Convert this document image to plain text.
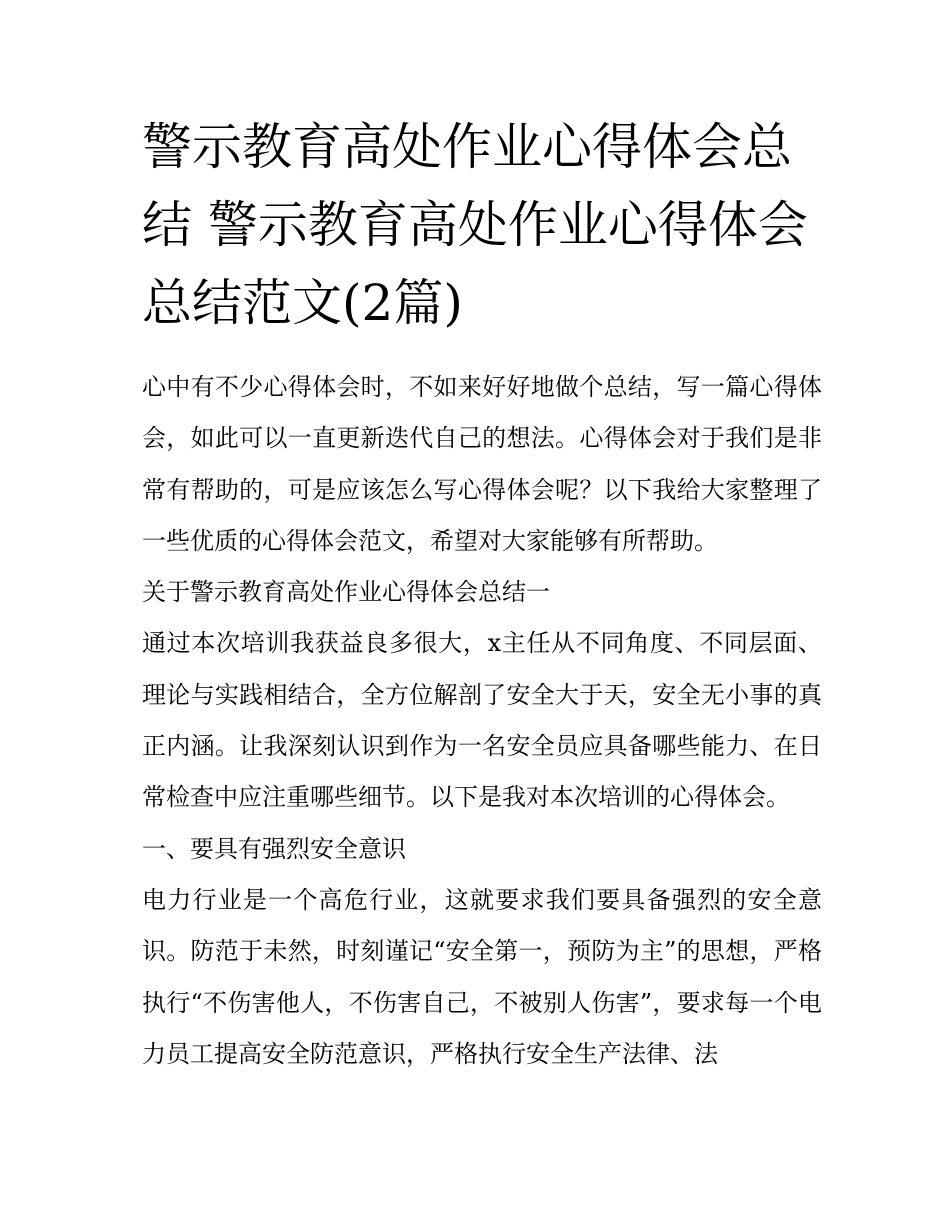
警示教育高处作业心得体会总结 警示教育高处作业心得体会总结范文(2篇)

心中有不少心得体会时，不如来好好地做个总结，写一篇心得体会，如此可以一直更新迭代自己的想法。心得体会对于我们是非常有帮助的，可是应该怎么写心得体会呢？以下我给大家整理了一些优质的心得体会范文，希望对大家能够有所帮助。

关于警示教育高处作业心得体会总结一

通过本次培训我获益良多很大，x主任从不同角度、不同层面、理论与实践相结合，全方位解剖了安全大于天，安全无小事的真正内涵。让我深刻认识到作为一名安全员应具备哪些能力、在日常检查中应注重哪些细节。以下是我对本次培训的心得体会。

一、要具有强烈安全意识

电力行业是一个高危行业，这就要求我们要具备强烈的安全意识。防范于未然，时刻谨记“安全第一，预防为主”的思想，严格执行“不伤害他人，不伤害自己，不被别人伤害”，要求每一个电力员工提高安全防范意识，严格执行安全生产法律、法
